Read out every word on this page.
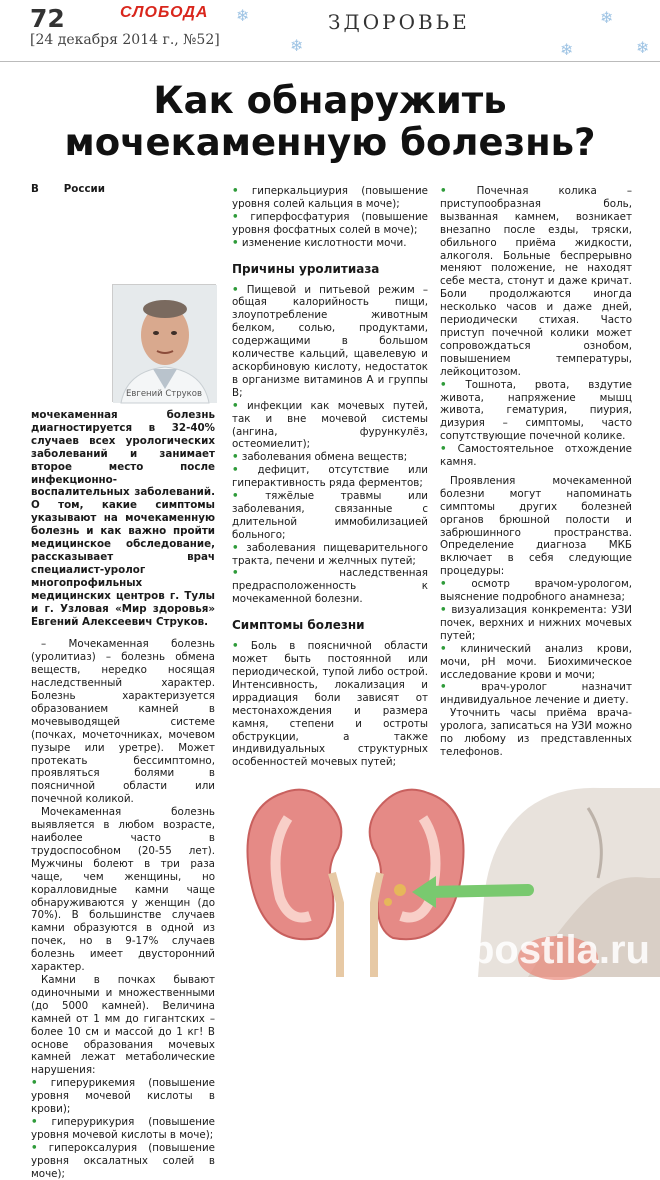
72	СЛОБОДА
[24 декабря 2014 г., №52]
ЗДОРОВЬЕ
❄	❄
❄	❄	❄
Как обнаружить
мочекаменную болезнь?

В России мочекаменная болезнь диагностируется в 32-40% случаев всех урологических заболеваний и занимает второе место после инфекционно-воспалительных заболеваний. О том, какие симптомы указывают на мочекаменную болезнь и как важно пройти медицинское обследование, рассказывает врач специалист-уролог многопрофильных медицинских центров г. Тулы и г. Узловая «Мир здоровья» Евгений Алексеевич Струков.

– Мочекаменная болезнь (уролитиаз) – болезнь обмена веществ, нередко носящая наследственный характер. Болезнь характеризуется образованием камней в мочевыводящей системе (почках, мочеточниках, мочевом пузыре или уретре). Может протекать бессимптомно, проявляться болями в поясничной области или почечной коликой.

Мочекаменная болезнь выявляется в любом возрасте, наиболее часто в трудоспособном (20-55 лет). Мужчины болеют в три раза чаще, чем женщины, но коралловидные камни чаще обнаруживаются у женщин (до 70%). В большинстве случаев камни образуются в одной из почек, но в 9-17% случаев болезнь имеет двусторонний характер.

Камни в почках бывают одиночными и множественными (до 5000 камней). Величина камней от 1 мм до гигантских – более 10 см и массой до 1 кг! В основе образования мочевых камней лежат метаболические нарушения:

• гиперурикемия (повышение уровня мочевой кислоты в крови);

• гиперурикурия (повышение уровня мочевой кислоты в моче);

• гипероксалурия (повышение уровня оксалатных солей в моче);

Евгений Струков

• гиперкальциурия (повышение уровня солей кальция в моче);

• гиперфосфатурия (повышение уровня фосфатных солей в моче);

• изменение кислотности мочи.

Причины уролитиаза

• Пищевой и питьевой режим – общая калорийность пищи, злоупотребление животным белком, солью, продуктами, содержащими в большом количестве кальций, щавелевую и аскорбиновую кислоту, недостаток в организме витаминов А и группы В;

• инфекции как мочевых путей, так и вне мочевой системы (ангина, фурункулёз, остеомиелит);

• заболевания обмена веществ;

• дефицит, отсутствие или гиперактивность ряда ферментов;

•	тяжёлые травмы или заболевания, связанные с длительной иммобилизацией больного;

• заболевания пищеварительного тракта, печени и желчных путей;

•	наследственная предрасположенность к мочекаменной болезни.

Симптомы болезни

• Боль в поясничной области может быть постоянной или периодической, тупой либо острой. Интенсивность, локализация и иррадиация боли зависят от местонахождения и размера камня, степени и остроты обструкции, а также индивидуальных структурных особенностей мочевых путей;

•	Почечная колика – приступообразная боль, вызванная камнем, возникает внезапно после езды, тряски, обильного приёма жидкости, алкоголя. Больные беспрерывно меняют положение, не находят себе места, стонут и даже кричат. Боли продолжаются иногда несколько часов и даже дней, периодически стихая. Часто приступ почечной колики может сопровождаться ознобом, повышением температуры, лейкоцитозом.

• Тошнота, рвота, вздутие живота, напряжение мышц живота, гематурия, пиурия, дизурия – симптомы, часто сопутствующие почечной колике.

• Самостоятельное отхождение камня.

Проявления мочекаменной болезни могут напоминать симптомы других болезней органов брюшной полости и забрюшинного пространства. Определение диагноза МКБ включает в себя следующие процедуры:

• осмотр врачом-урологом, выяснение подробного анамнеза;

• визуализация конкремента: УЗИ почек, верхних и нижних мочевых путей;

• клинический анализ крови, мочи, pH мочи. Биохимическое исследование крови и мочи;

•	врач-уролог назначит индивидуальное лечение и диету.

Уточнить часы приёма врача-уролога, записаться на УЗИ можно по любому из представленных телефонов.

postila.ru
